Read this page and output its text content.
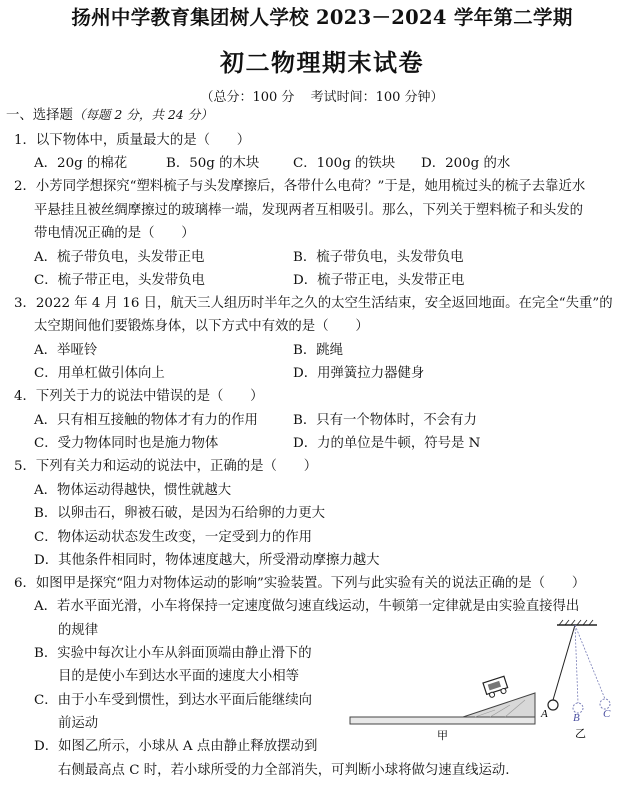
扬州中学教育集团树人学校 2023－2024 学年第二学期
初二物理期末试卷
（总分：100 分 考试时间：100 分钟）
一、选择题（每题 2 分，共 24 分）
1．以下物体中，质量最大的是（　　）
A．20g 的棉花	B．50g 的木块	C．100g 的铁块 D．200g 的水
2．小芳同学想探究“塑料梳子与头发摩擦后，各带什么电荷？”于是，她用梳过头的梳子去靠近水
平悬挂且被丝绸摩擦过的玻璃棒一端，发现两者互相吸引。那么，下列关于塑料梳子和头发的
带电情况正确的是（　　）
A．梳子带负电，头发带正电	B．梳子带负电，头发带负电
C．梳子带正电，头发带负电	D．梳子带正电，头发带正电
3．2022 年 4 月 16 日，航天三人组历时半年之久的太空生活结束，安全返回地面。在完全“失重”的
太空期间他们要锻炼身体，以下方式中有效的是（　　）
A．举哑铃	B．跳绳
C．用单杠做引体向上	D．用弹簧拉力器健身
4．下列关于力的说法中错误的是（　　）
A．只有相互接触的物体才有力的作用	B．只有一个物体时，不会有力
C．受力物体同时也是施力物体	D．力的单位是牛顿，符号是 N
5．下列有关力和运动的说法中，正确的是（　　）
A．物体运动得越快，惯性就越大
B．以卵击石，卵被石破，是因为石给卵的力更大
C．物体运动状态发生改变，一定受到力的作用
D．其他条件相同时，物体速度越大，所受滑动摩擦力越大
6．如图甲是探究“阻力对物体运动的影响”实验装置。下列与此实验有关的说法正确的是（　　）
A．若水平面光滑，小车将保持一定速度做匀速直线运动，牛顿第一定律就是由实验直接得出
的规律
B．实验中每次让小车从斜面顶端由静止滑下的
目的是使小车到达水平面的速度大小相等
C．由于小车受到惯性，到达水平面后能继续向
前运动
D．如图乙所示，小球从 A 点由静止释放摆动到
右侧最高点 C 时，若小球所受的力全部消失，可判断小球将做匀速直线运动.
甲
A B C
乙
